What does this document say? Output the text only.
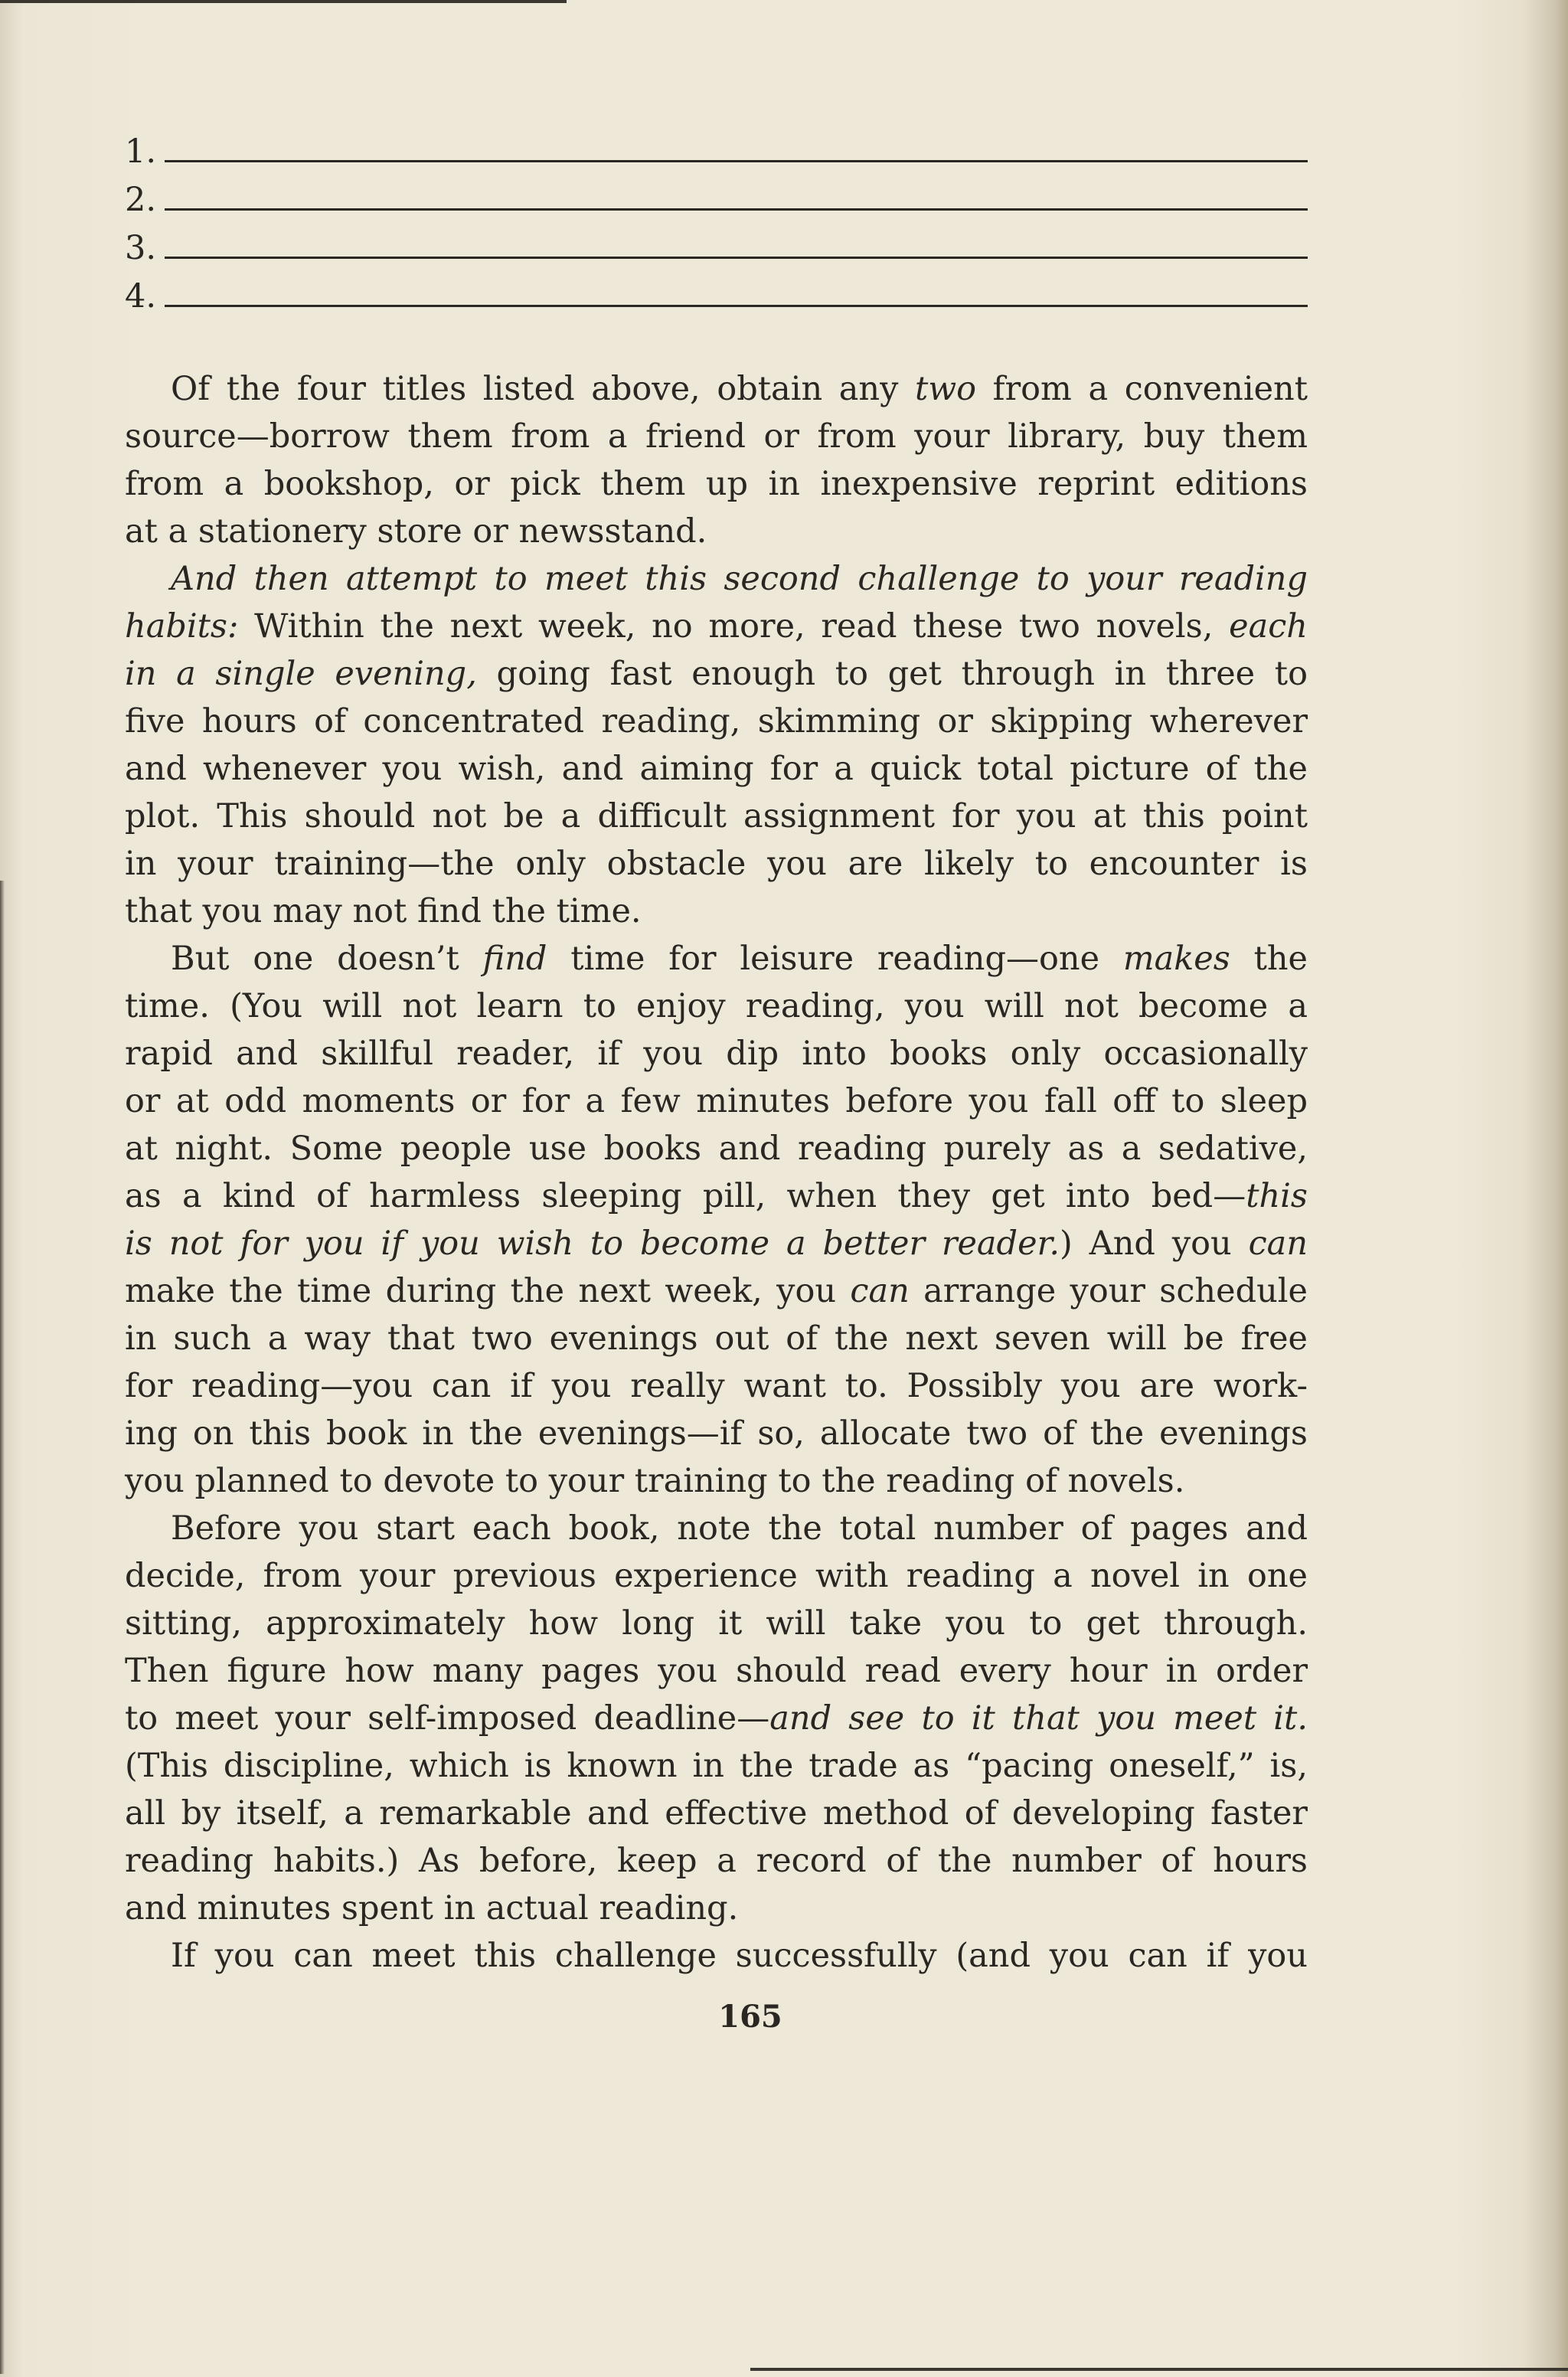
1.
2.
3.
4.
Of the four titles listed above, obtain any two from a convenient
source—borrow them from a friend or from your library, buy them
from a bookshop, or pick them up in inexpensive reprint editions
at a stationery store or newsstand.
And then attempt to meet this second challenge to your reading
habits: Within the next week, no more, read these two novels, each
in a single evening, going fast enough to get through in three to
five hours of concentrated reading, skimming or skipping wherever
and whenever you wish, and aiming for a quick total picture of the
plot. This should not be a difficult assignment for you at this point
in your training—the only obstacle you are likely to encounter is
that you may not find the time.
But one doesn’t find time for leisure reading—one makes the
time. (You will not learn to enjoy reading, you will not become a
rapid and skillful reader, if you dip into books only occasionally
or at odd moments or for a few minutes before you fall off to sleep
at night. Some people use books and reading purely as a sedative,
as a kind of harmless sleeping pill, when they get into bed—this
is not for you if you wish to become a better reader.) And you can
make the time during the next week, you can arrange your schedule
in such a way that two evenings out of the next seven will be free
for reading—you can if you really want to. Possibly you are work-
ing on this book in the evenings—if so, allocate two of the evenings
you planned to devote to your training to the reading of novels.
Before you start each book, note the total number of pages and
decide, from your previous experience with reading a novel in one
sitting, approximately how long it will take you to get through.
Then figure how many pages you should read every hour in order
to meet your self-imposed deadline—and see to it that you meet it.
(This discipline, which is known in the trade as “pacing oneself,” is,
all by itself, a remarkable and effective method of developing faster
reading habits.) As before, keep a record of the number of hours
and minutes spent in actual reading.
If you can meet this challenge successfully (and you can if you
165
